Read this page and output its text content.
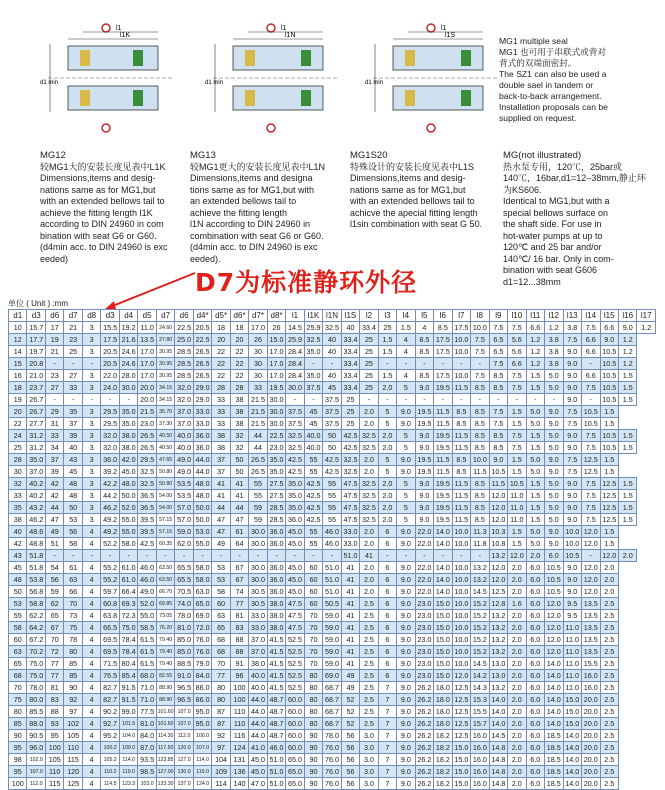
l1
l1K
d1 min
l1
l1N
d1 min
l1
l1S
d1 min
MG1 multiple seal
MG1 也可用于串联式或背对
背式的双端面密封。
The SZ1 can also be used a
double sael in tandem or
back-to-back arrangement.
Installation proposals can be
supplied on request.
MG12
较MG1大的安装长度见表中L1K
Dimensions,items and desig-
nations same as for MG1,but
with an extended bellows tail to
achieve the fitting length l1K
according to DIN 24960 in com
bination with seat G6 or G60.
(d4min acc. to DIN 24960 is exc
eeded)
MG13
较MG1更大的安装长度见表中L1N
Dimensions,items and designa
tions same as for MG1,but with
an extended bellows tail to
achieve the fitting length
l1N according to DIN 24960 in
combination with seat G6 or G60.
(d4min acc. to DIN 24960 is exc
eeded).
MG1S20
特殊设计的安装长度见表中L1S
Dimensions,items and desig-
nations same as for MG1,but
with an extended bellows tail to
achicve the apecial fitting length
l1sin combination with seat G 50.
MG(not illustrated)
热水泵专用，120℃，25bar或140℃，16bar,d1=12–38mm,静止环为KS606.
Identical to MG1,but with a
special bellows surface on
the shaft side. For use in
hot-water pumps at up to
120℃ and 25 bar and/or
140℃/ 16 bar. Only in com-
bination with seat G606
d1=12...38mm
D7为标准静环外径
单位 ( Unit ) :mm
d1	d3	d6	d7	d8	d3	d4	d5	d7	d6	d4*	d5*	d6*	d7*	d8*	l1	l1K	l1N	l1S	l2	l3	l4	l5	l6	l7	l8	l9	l10	l11	l12	l13	l14	l15	l16	l17
10	15.7	17	21	3	15.5	19.2	11.0	24.60	22.5	20.5	18	18	17.0	26	14.5	25.9	32.5	40	33.4	25	1.5	4	8.5	17.5	10.0	7.5	7.5	6.6	1.2	3.8	7.5	6.6	9.0	1.2
12	17.7	19	23	3	17.5	21.6	13.5	27.80	25.0	22.5	20	20	26	15.0	25.9	32.5	40	33.4	25	1.5	4	8.5	17.5	10.0	7.5	6.5	5.6	1.2	3.8	7.5	6.6	9.0	1.2	
14	19.7	21	25	3	20.5	24.6	17.0	30.95	28.5	26.5	22	22	30	17.0	28.4	35.0	40	33.4	25	1.5	4	8.5	17.5	10.0	7.5	6.5	5.6	1.2	3.8	9.0	6.6	10.5	1.2	
15	20.8	-	-	-	20.5	24.6	17.0	30.95	28.5	26.5	22	22	30	17.0	28.4	-	-	33.4	25	-	-	-	-	-	-	7.5	6.6	1.2	3.8	9.0	-	10.5	1.2	
16	21.0	23	27	3	22.0	28.0	17.0	30.95	28.5	26.5	22	22	30	17.0	28.4	35.0	40	33.4	25	1.5	4	8.5	17.5	10.0	7.5	8.5	7.5	1.5	5.0	9.0	6.6	10.5	1.5	
18	23.7	27	33	3	24.0	30.0	20.0	34.15	32.0	29.0	28	28	33	19.5	30.0	37.5	45	33.4	25	2.0	5	9.0	19.5	11.5	8.5	8.5	7.5	1.5	5.0	9.0	7.5	10.5	1.5	
19	26.7	-	-	-	-	-	20.0	34.15	32.0	29.0	33	38	21.5	30.0	-	-	37.5	25	-	-	-	-	-	-	-	-	-	-	-	9.0	-	10.5	1.5	
20	26.7	29	35	3	29.5	35.0	21.5	35.70	37.0	33.0	33	38	21.5	30.0	37.5	45	37.5	25	2.0	5	9.0	19.5	11.5	8.5	8.5	7.5	1.5	5.0	9.0	7.5	10.5	1.5		
22	27.7	31	37	3	29.5	35.0	23.0	37.30	37.0	33.0	33	38	21.5	30.0	37.5	45	37.5	25	2.0	5	9.0	19.5	11.5	8.5	8.5	7.5	1.5	5.0	9.0	7.5	10.5	1.5		
24	31.2	33	39	3	32.0	38.0	26.5	40.50	40.0	36.0	38	32	44	22.5	32.5	40.0	50	42.5	32.5	2.0	5	9.0	19.5	11.5	8.5	8.5	7.5	1.5	5.0	9.0	7.5	10.5	1.5	
25	31.2	34	40	3	32.0	38.0	26.5	40.50	40.0	36.0	38	32	44	23.0	32.5	40.0	50	42.5	32.5	2.0	5	9.0	19.5	11.5	8.5	8.5	7.5	1.5	5.0	9.0	7.5	10.5	1.5	
28	35.0	37	43	3	36.0	42.0	29.5	47.65	49.0	44.0	37	50	26.5	35.0	42.5	55	42.5	32.5	2.0	5	9.0	19.5	11.5	8.5	10.0	9.0	1.5	5.0	9.0	7.5	12.5	1.5		
30	37.0	39	45	3	39.2	45.0	32.5	50.80	49.0	44.0	37	50	26.5	35.0	42.5	55	42.5	32.5	2.0	5	9.0	19.5	11.5	8.5	11.5	10.5	1.5	5.0	9.0	7.5	12.5	1.5		
32	40.2	42	48	3	42.2	48.0	32.5	50.80	53.5	48.0	41	41	55	27.5	35.0	42.5	55	47.5	32.5	2.0	5	9.0	19.5	11.5	8.5	11.5	10.5	1.5	5.0	9.0	7.5	12.5	1.5	
33	40.2	42	48	3	44.2	50.0	36.5	54.00	53.5	48.0	41	41	55	27.5	35.0	42.5	55	47.5	32.5	2.0	5	9.0	19.5	11.5	8.5	12.0	11.0	1.5	5.0	9.0	7.5	12.5	1.5	
35	43.2	44	50	3	46.2	52.0	36.5	54.00	57.0	50.0	44	44	59	28.5	35.0	42.5	55	47.5	32.5	2.0	5	9.0	19.5	11.5	8.5	12.0	11.0	1.5	5.0	9.0	7.5	12.5	1.5	
38	46.2	47	53	3	49.2	55.0	39.5	57.15	57.0	50.0	47	47	59	28.5	36.0	42.5	55	47.5	32.5	2.0	5	9.0	19.5	11.5	8.5	12.0	11.0	1.5	5.0	9.0	7.5	12.5	1.5	
40	48.6	49	56	4	49.2	55.0	39.5	57.15	59.0	53.0	47	61	30.0	36.0	45.0	55	46.0	33.0	2.0	6	9.0	22.0	14.0	10.0	11.3	10.3	1.5	5.0	9.0	10.0	12.0	1.5		
42	48.8	51	58	4	52.2	58.0	42.5	60.35	62.0	55.0	49	64	30.0	36.0	45.0	55	46.0	33.0	2.0	6	9.0	22.0	14.0	10.0	11.8	10.8	1.5	5.0	9.0	10.0	12.0	1.5		
43	51.8	-	-	-	-	-	-	-	-	-	-	-	-	-	-	-	-	51.0	41	-	-	-	-	-	-	13.2	12.0	2.0	6.0	10.5	-	12.0	2.0	
45	51.8	54	61	4	55.2	61.0	46.0	63.50	65.5	58.0	53	67	30.0	36.0	45.0	60	51.0	41	2.0	6	9.0	22.0	14.0	10.0	13.2	12.0	2.0	6.0	10.5	9.0	12.0	2.0		
48	53.8	56	63	4	55.2	61.0	46.0	63.50	65.5	58.0	53	67	30.0	36.0	45.0	60	51.0	41	2.0	6	9.0	22.0	14.0	10.0	13.2	12.0	2.0	6.0	10.5	9.0	12.0	2.0		
50	56.8	59	66	4	59.7	66.4	49.0	66.70	70.5	63.0	58	74	30.5	36.0	45.0	60	51.0	41	2.0	6	9.0	22.0	14.0	10.0	14.5	12.5	2.0	6.0	10.5	9.0	12.0	2.0		
53	58.8	62	70	4	60.8	69.3	52.0	69.85	74.0	65.0	60	77	30.5	38.0	47.5	60	50.5	41	2.5	6	9.0	23.0	15.0	10.0	15.2	12.8	1.6	6.0	12.0	9.5	13.5	2.5		
55	62.2	65	73	4	63.8	72.3	55.0	73.05	78.0	69.0	63	81	33.0	38.0	47.5	70	59.0	41	2.5	6	9.0	23.0	15.0	10.0	15.2	13.2	2.0	6.0	12.0	9.5	13.5	2.5		
58	64.2	67	75	4	66.5	75.0	58.5	76.20	81.0	72.0	65	83	33.0	38.0	47.5	70	59.0	41	2.5	6	9.0	23.0	15.0	10.0	15.2	13.2	2.0	6.0	12.0	11.0	13.5	2.5		
60	67.2	70	78	4	69.5	78.4	61.5	79.40	85.0	76.0	68	88	37.0	41.5	52.5	70	59.0	41	2.5	6	9.0	23.0	15.0	10.0	15.2	13.2	2.0	6.0	12.0	11.0	13.5	2.5		
63	70.2	72	80	4	69.5	78.4	61.5	79.40	85.0	76.0	68	88	37.0	41.5	52.5	70	59.0	41	2.5	6	9.0	23.0	15.0	10.0	15.2	13.2	2.0	6.0	12.0	11.0	13.5	2.5		
65	75.0	77	85	4	71.5	80.4	61.5	79.40	88.5	79.0	70	91	38.0	41.5	52.5	70	59.0	41	2.5	6	9.0	23.0	15.0	10.0	14.5	13.0	2.0	6.0	14.0	11.0	15.5	2.5		
68	75.0	77	85	4	76.5	85.4	68.0	82.55	91.0	84.0	77	96	40.0	41.5	52.5	80	69.0	49	2.5	6	9.0	23.0	15.0	12.0	14.2	13.0	2.0	6.0	14.0	11.0	16.0	2.5		
70	78.0	81	90	4	82.7	91.5	71.0	88.90	96.5	86.0	80	100	40.0	41.5	52.5	80	68.7	49	2.5	7	9.0	26.2	18.0	12.5	14.3	13.2	2.0	6.0	14.0	11.0	16.0	2.5		
75	80.0	83	92	4	82.7	91.5	71.0	88.90	96.5	86.0	80	100	44.0	48.7	60.0	80	68.7	52	2.5	7	9.0	26.2	18.0	12.5	15.3	14.0	2.0	6.0	14.0	15.0	20.0	2.5		
80	85.5	88	97	4	90.2	99.0	77.5	101.60	107.0	95.0	87	110	44.0	48.7	60.0	80	68.7	52	2.5	7	9.0	26.2	18.0	12.5	15.5	14.0	2.0	6.0	14.0	15.0	20.0	2.5		
85	88.0	93	102	4	92.7	101.5	81.0	101.60	107.0	95.0	87	110	44.0	48.7	60.0	80	68.7	52	2.5	7	9.0	26.2	18.0	12.5	15.7	14.0	2.0	6.0	14.0	15.0	20.0	2.5		
90	90.5	95	105	4	95.2	104.0	84.0	114.30	112.0	100.0	92	116	44.0	48.7	60.0	90	78.0	56	3.0	7	9.0	26.2	18.2	12.5	16.0	14.5	2.0	6.0	18.5	14.0	20.0	2.5		
95	96.0	100	110	4	100.2	109.0	87.0	117.50	120.0	107.0	97	124	41.0	46.0	60.0	90	76.0	56	3.0	7	9.0	26.2	18.2	15.0	16.0	14.8	2.0	6.0	18.5	14.0	20.0	2.5		
98	102.0	105	115	4	105.2	114.0	93.5	123.85	127.0	114.0	104	131	45.0	51.0	65.0	90	76.0	56	3.0	7	9.0	26.2	18.2	15.0	16.0	14.8	2.0	6.0	18.5	14.0	20.0	2.5		
95	107.0	110	120	4	110.2	119.0	98.5	127.00	130.0	119.0	109	136	45.0	51.0	65.0	90	76.0	56	3.0	7	9.0	26.2	18.2	15.0	16.0	14.8	2.0	6.0	18.5	14.0	20.0	2.5		
100	112.0	115	125	4	114.5	123.3	103.0	133.30	137.0	124.0	114	140	47.0	51.0	65.0	90	76.0	56	3.0	7	9.0	26.2	18.2	15.0	16.0	14.8	2.0	6.0	18.5	14.0	20.0	2.5		
